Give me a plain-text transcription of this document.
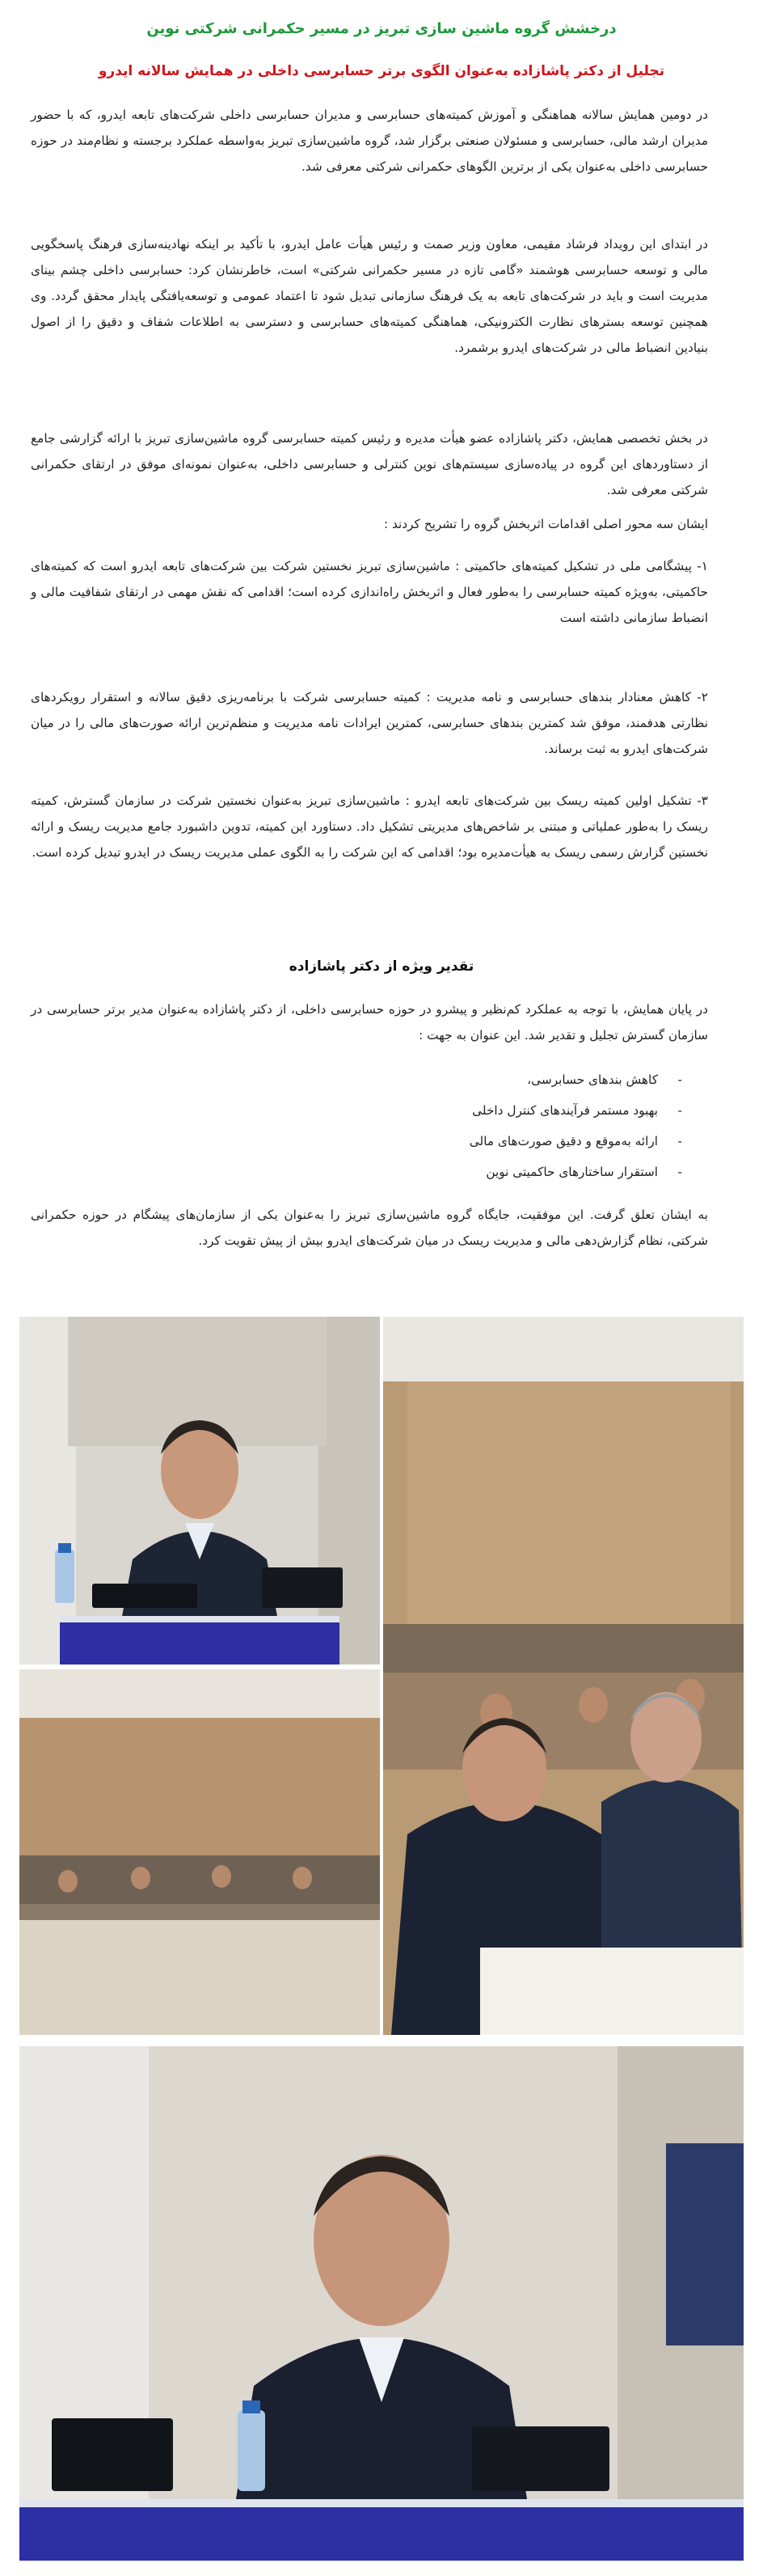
درخشش گروه ماشین سازی تبریز در مسیر حکمرانی شرکتی نوین
تجلیل از دکتر پاشازاده به‌عنوان الگوی برتر حسابرسی داخلی در همایش سالانه ایدرو

در دومین همایش سالانه هماهنگی و آموزش کمیته‌های حسابرسی و مدیران حسابرسی داخلی شرکت‌های تابعه ایدرو، که با حضور مدیران ارشد مالی، حسابرسی و مسئولان صنعتی برگزار شد، گروه ماشین‌سازی تبریز به‌واسطه عملکرد برجسته و نظام‌مند در حوزه حسابرسی داخلی به‌عنوان یکی از برترین الگوهای حکمرانی شرکتی معرفی شد.

در ابتدای این رویداد فرشاد مقیمی، معاون وزیر صمت و رئیس هیأت عامل ایدرو، با تأکید بر اینکه نهادینه‌سازی فرهنگ پاسخگویی مالی و توسعه حسابرسی هوشمند «گامی تازه در مسیر حکمرانی شرکتی» است، خاطرنشان کرد: حسابرسی داخلی چشم بینای مدیریت است و باید در شرکت‌های تابعه به یک فرهنگ سازمانی تبدیل شود تا اعتماد عمومی و توسعه‌یافتگی پایدار محقق گردد. وی همچنین توسعه بسترهای نظارت الکترونیکی، هماهنگی کمیته‌های حسابرسی و دسترسی به اطلاعات شفاف و دقیق را از اصول بنیادین انضباط مالی در شرکت‌های ایدرو برشمرد.

در بخش تخصصی همایش، دکتر پاشازاده عضو هیأت مدیره و رئیس کمیته حسابرسی گروه ماشین‌سازی تبریز با ارائه گزارشی جامع از دستاوردهای این گروه در پیاده‌سازی سیستم‌های نوین کنترلی و حسابرسی داخلی، به‌عنوان نمونه‌ای موفق در ارتقای حکمرانی شرکتی معرفی شد.

ایشان سه محور اصلی اقدامات اثربخش گروه را تشریح کردند :

۱- پیشگامی ملی در تشکیل کمیته‌های حاکمیتی : ماشین‌سازی تبریز نخستین شرکت بین شرکت‌های تابعه ایدرو است که کمیته‌های حاکمیتی، به‌ویژه کمیته حسابرسی را به‌طور فعال و اثربخش راه‌اندازی کرده است؛ اقدامی که نقش مهمی در ارتقای شفافیت مالی و انضباط سازمانی داشته است

۲- کاهش معنادار بندهای حسابرسی و نامه مدیریت : کمیته حسابرسی شرکت با برنامه‌ریزی دقیق سالانه و استقرار رویکردهای نظارتی هدفمند، موفق شد کمترین بندهای حسابرسی، کمترین ایرادات نامه مدیریت و منظم‌ترین ارائه صورت‌های مالی را در میان شرکت‌های ایدرو به ثبت برساند.

۳- تشکیل اولین کمیته ریسک بین شرکت‌های تابعه ایدرو : ماشین‌سازی تبریز به‌عنوان نخستین شرکت در سازمان گسترش، کمیته ریسک را به‌طور عملیاتی و مبتنی بر شاخص‌های مدیریتی تشکیل داد. دستاورد این کمیته، تدوین داشبورد جامع مدیریت ریسک و ارائه نخستین گزارش رسمی ریسک به هیأت‌مدیره بود؛ اقدامی که این شرکت را به الگوی عملی مدیریت ریسک در ایدرو تبدیل کرده است.

تقدیر ویژه از دکتر پاشازاده

در پایان همایش، با توجه به عملکرد کم‌نظیر و پیشرو در حوزه حسابرسی داخلی، از دکتر پاشازاده به‌عنوان مدیر برتر حسابرسی در سازمان گسترش تجلیل و تقدیر شد. این عنوان به جهت :

- کاهش بندهای حسابرسی،
- بهبود مستمر فرآیندهای کنترل داخلی
- ارائه به‌موقع و دقیق صورت‌های مالی
- استقرار ساختارهای حاکمیتی نوین

به ایشان تعلق گرفت. این موفقیت، جایگاه گروه ماشین‌سازی تبریز را به‌عنوان یکی از سازمان‌های پیشگام در حوزه حکمرانی شرکتی، نظام گزارش‌دهی مالی و مدیریت ریسک در میان شرکت‌های ایدرو بیش از پیش تقویت کرد.
